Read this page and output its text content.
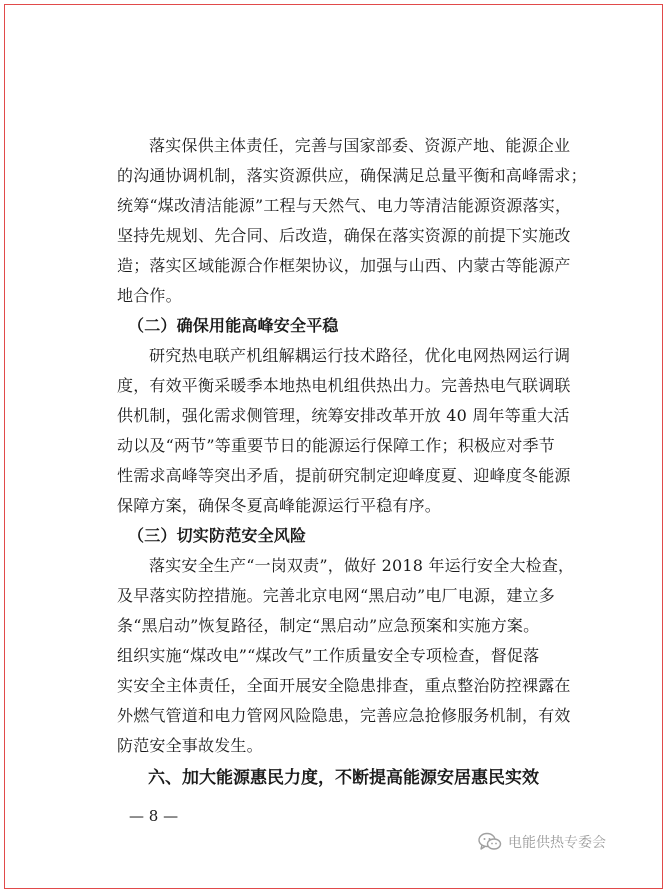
落实保供主体责任，完善与国家部委、资源产地、能源企业
的沟通协调机制，落实资源供应，确保满足总量平衡和高峰需求；
统筹“煤改清洁能源”工程与天然气、电力等清洁能源资源落实，
坚持先规划、先合同、后改造，确保在落实资源的前提下实施改
造；落实区域能源合作框架协议，加强与山西、内蒙古等能源产
地合作。
（二）确保用能高峰安全平稳
研究热电联产机组解耦运行技术路径，优化电网热网运行调
度，有效平衡采暖季本地热电机组供热出力。完善热电气联调联
供机制，强化需求侧管理，统筹安排改革开放 40 周年等重大活
动以及“两节”等重要节日的能源运行保障工作；积极应对季节
性需求高峰等突出矛盾，提前研究制定迎峰度夏、迎峰度冬能源
保障方案，确保冬夏高峰能源运行平稳有序。
（三）切实防范安全风险
落实安全生产“一岗双责”，做好 2018 年运行安全大检查，
及早落实防控措施。完善北京电网“黑启动”电厂电源，建立多
条“黑启动”恢复路径，制定“黑启动”应急预案和实施方案。
组织实施“煤改电”“煤改气”工作质量安全专项检查，督促落
实安全主体责任，全面开展安全隐患排查，重点整治防控裸露在
外燃气管道和电力管网风险隐患，完善应急抢修服务机制，有效
防范安全事故发生。
六、加大能源惠民力度，不断提高能源安居惠民实效
— 8 —
电能供热专委会
